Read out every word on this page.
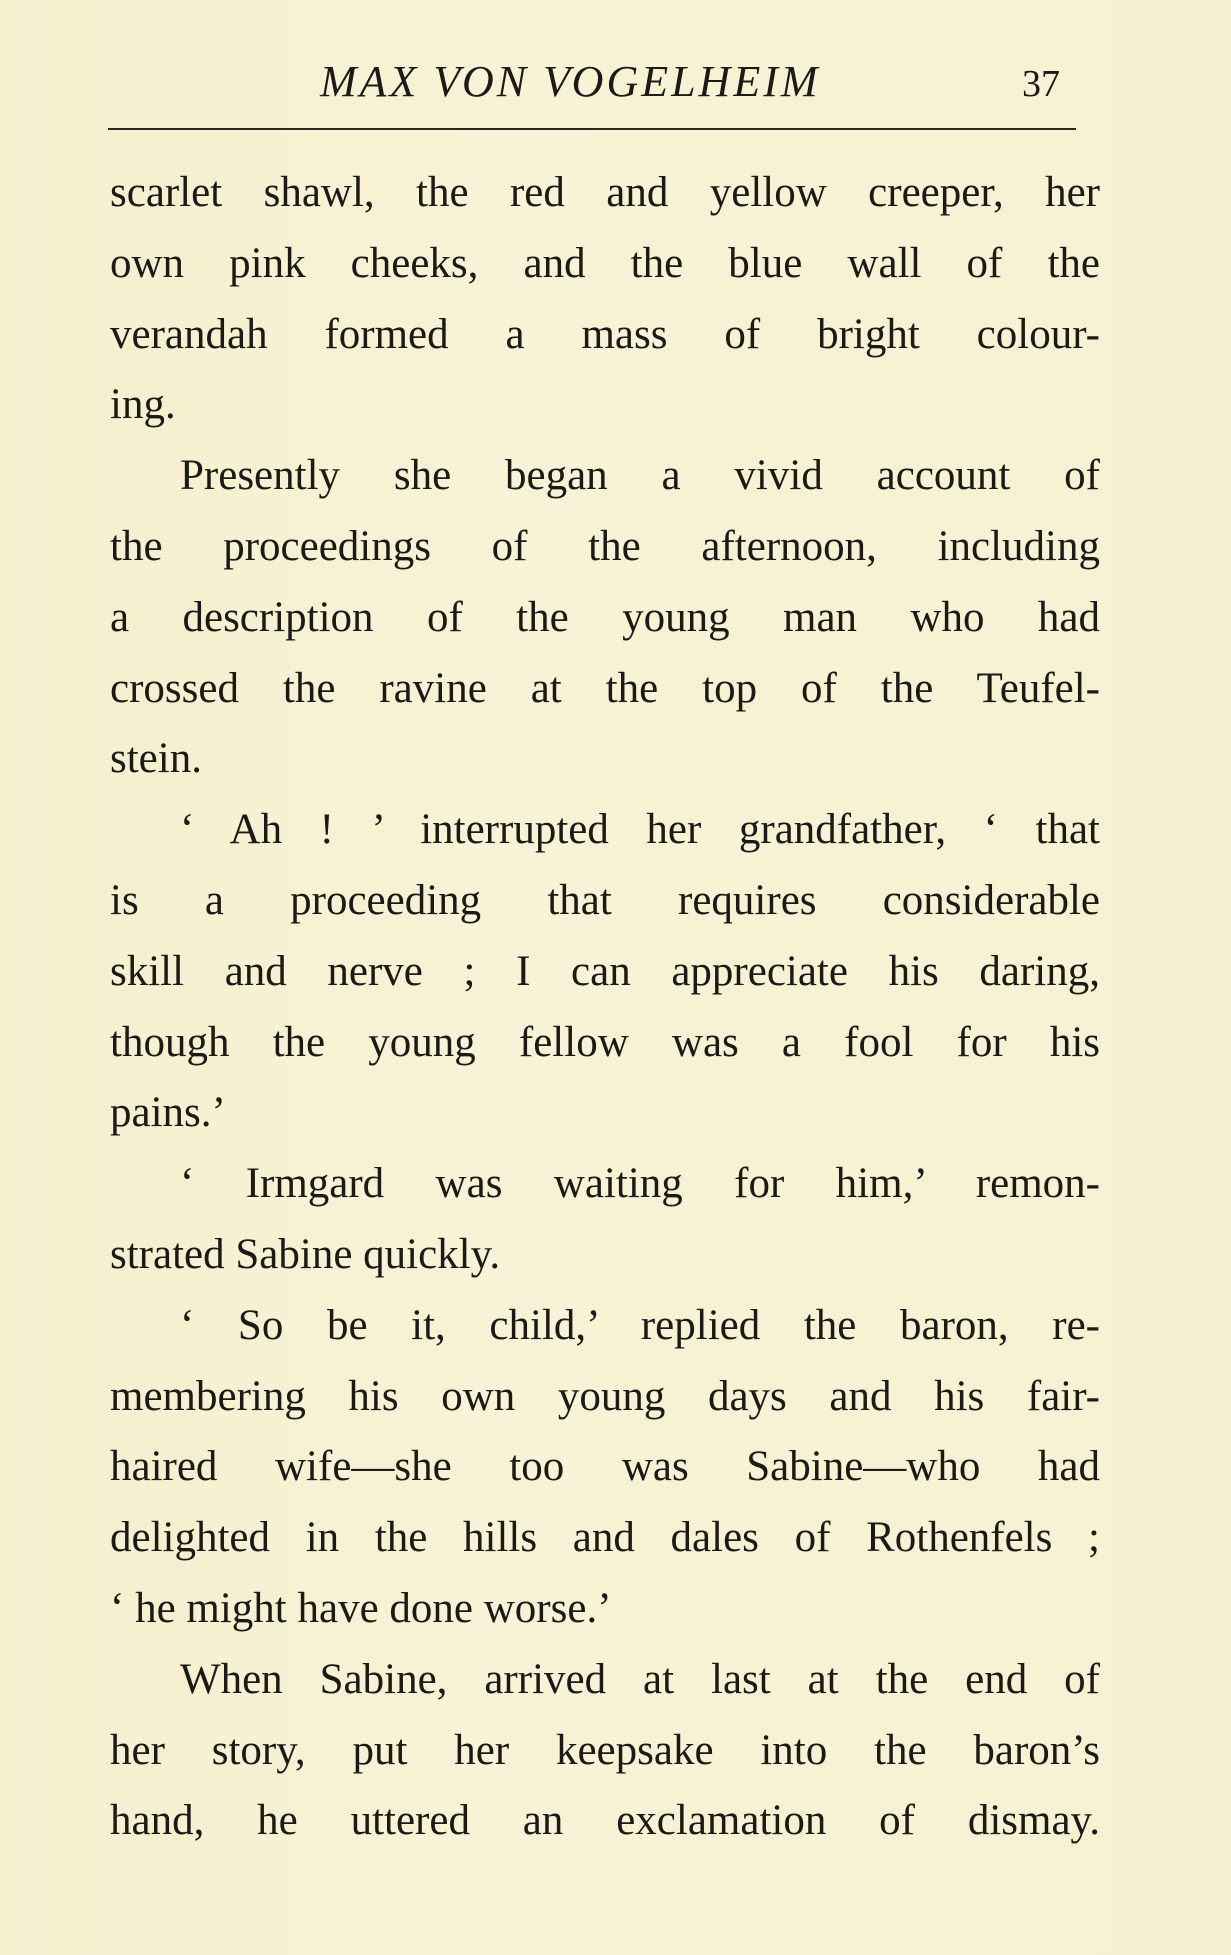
MAX VON VOGELHEIM	37
scarlet shawl, the red and yellow creeper, her
own pink cheeks, and the blue wall of the
verandah formed a mass of bright colour-
ing.
Presently she began a vivid account of
the proceedings of the afternoon, including
a description of the young man who had
crossed the ravine at the top of the Teufel-
stein.
‘ Ah ! ’ interrupted her grandfather, ‘ that
is a proceeding that requires considerable
skill and nerve ; I can appreciate his daring,
though the young fellow was a fool for his
pains.’
‘ Irmgard was waiting for him,’ remon-
strated Sabine quickly.
‘ So be it, child,’ replied the baron, re-
membering his own young days and his fair-
haired wife—she too was Sabine—who had
delighted in the hills and dales of Rothenfels ;
‘ he might have done worse.’
When Sabine, arrived at last at the end of
her story, put her keepsake into the baron’s
hand, he uttered an exclamation of dismay.
